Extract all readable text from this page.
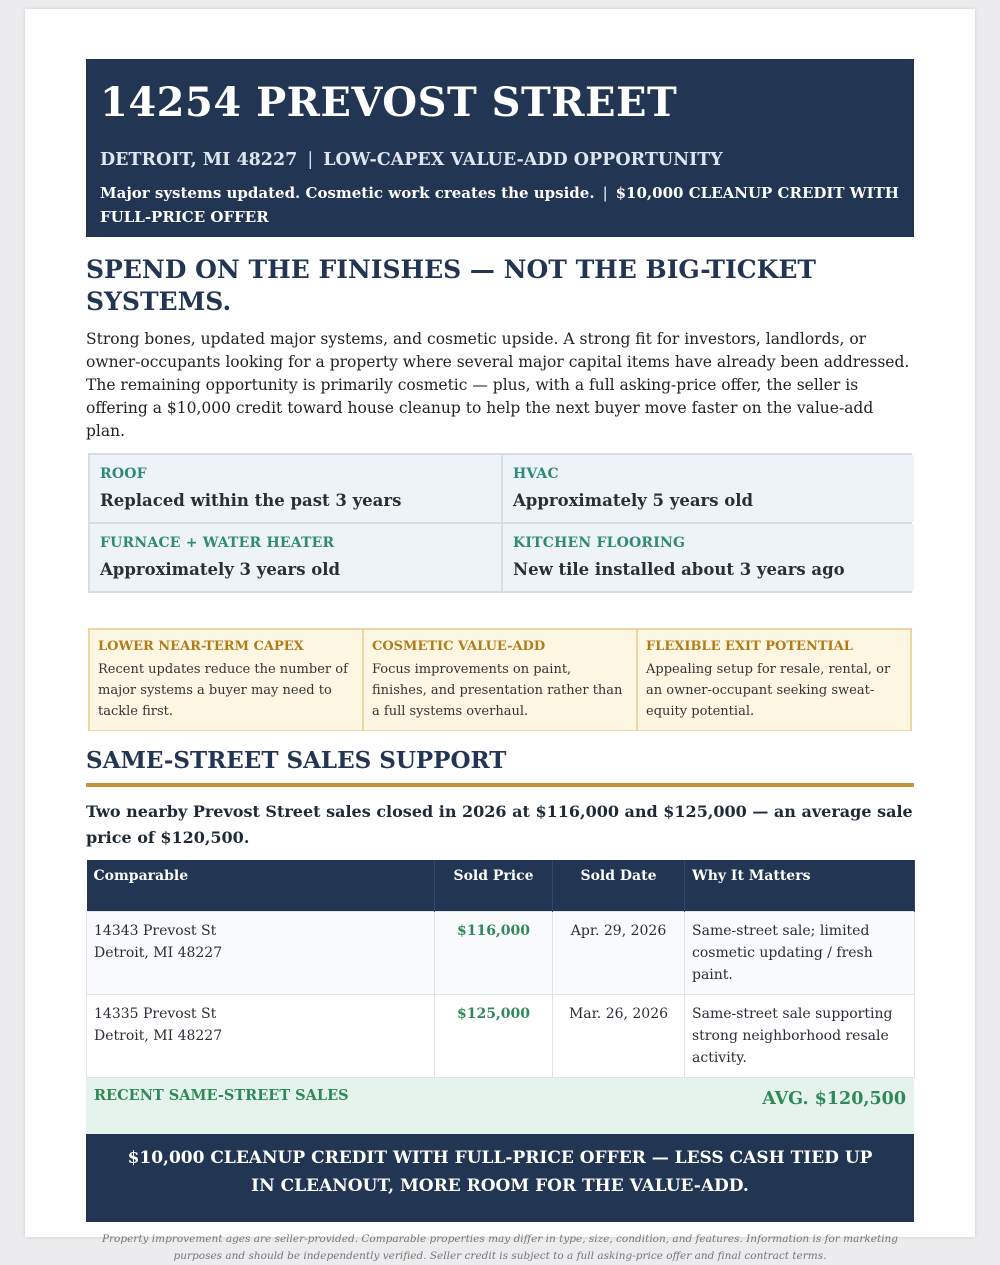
14254 PREVOST STREET
DETROIT, MI 48227 | LOW-CAPEX VALUE-ADD OPPORTUNITY
Major systems updated. Cosmetic work creates the upside. | $10,000 CLEANUP CREDIT WITH FULL-PRICE OFFER
SPEND ON THE FINISHES — NOT THE BIG-TICKET SYSTEMS.

Strong bones, updated major systems, and cosmetic upside. A strong fit for investors, landlords, or owner-occupants looking for a property where several major capital items have already been addressed. The remaining opportunity is primarily cosmetic — plus, with a full asking-price offer, the seller is offering a $10,000 credit toward house cleanup to help the next buyer move faster on the value-add plan.

ROOF
Replaced within the past 3 years
HVAC
Approximately 5 years old
FURNACE + WATER HEATER
Approximately 3 years old
KITCHEN FLOORING
New tile installed about 3 years ago
LOWER NEAR-TERM CAPEX
Recent updates reduce the number of major systems a buyer may need to tackle first.
COSMETIC VALUE-ADD
Focus improvements on paint, finishes, and presentation rather than a full systems overhaul.
FLEXIBLE EXIT POTENTIAL
Appealing setup for resale, rental, or an owner-occupant seeking sweat-equity potential.
SAME-STREET SALES SUPPORT

Two nearby Prevost Street sales closed in 2026 at $116,000 and $125,000 — an average sale price of $120,500.

Comparable	Sold Price	Sold Date	Why It Matters

14343 Prevost St
Detroit, MI 48227	$116,000	Apr. 29, 2026	Same-street sale; limited cosmetic updating / fresh paint.

14335 Prevost St
Detroit, MI 48227	$125,000	Mar. 26, 2026	Same-street sale supporting strong neighborhood resale activity.
RECENT SAME-STREET SALES	AVG. $120,500
$10,000 CLEANUP CREDIT WITH FULL-PRICE OFFER — LESS CASH TIED UP IN CLEANOUT, MORE ROOM FOR THE VALUE-ADD.

Property improvement ages are seller-provided. Comparable properties may differ in type, size, condition, and features. Information is for marketing purposes and should be independently verified. Seller credit is subject to a full asking-price offer and final contract terms.
